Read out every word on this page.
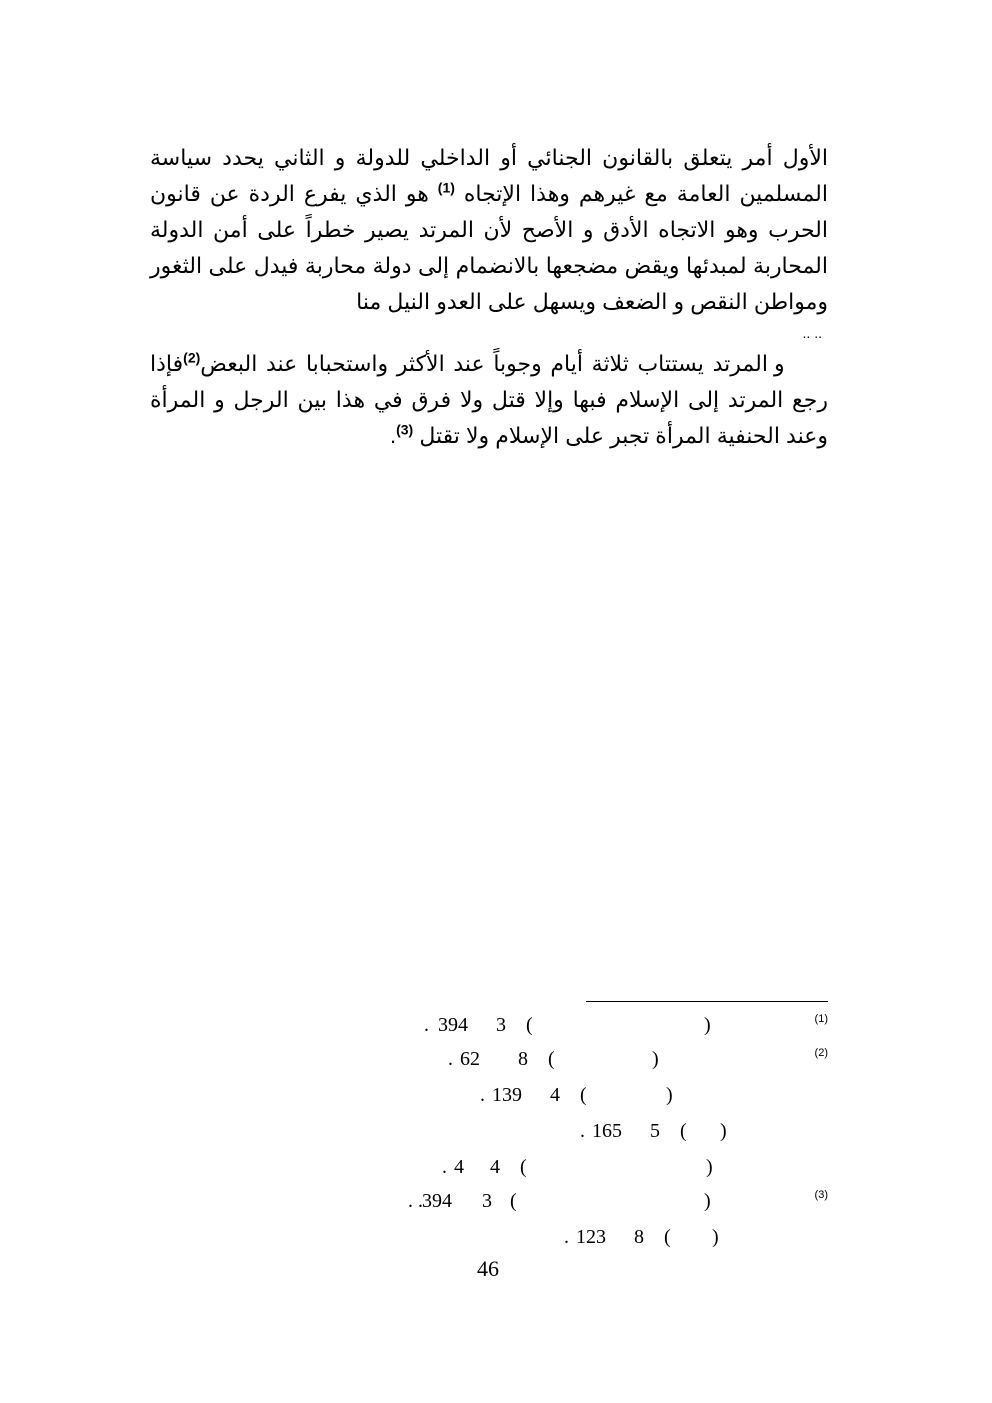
الأول أمر يتعلق بالقانون الجنائي أو الداخلي للدولة و الثاني يحدد سياسة المسلمين العامة مع غيرهم وهذا الإتجاه $^{(1)}$ هو الذي يفرع الردة عن قانون الحرب وهو الاتجاه الأدق و الأصح لأن المرتد يصير خطراً على أمن الدولة المحاربة لمبدئها ويقض مضجعها بالانضمام إلى دولة محاربة فيدل على الثغور ومواطن النقص و الضعف ويسهل على العدو النيل منا

.. ..

و المرتد يستتاب ثلاثة أيام وجوباً عند الأكثر واستحبابا عند البعض$^{(2)}$فإذا رجع المرتد إلى الإسلام فبها وإلا قتل ولا فرق في هذا بين الرجل و المرأة وعند الحنفية المرأة تجبر على الإسلام ولا تقتل $^{(3)}$.

(1)
)
(
3
394
.
(2)
)
(
8
62
.
)
(
4
139
.
)
(
5
165
.
)
(
4
4
.
(3)
)
(
3
394
. .
)
(
8
123
.
46
